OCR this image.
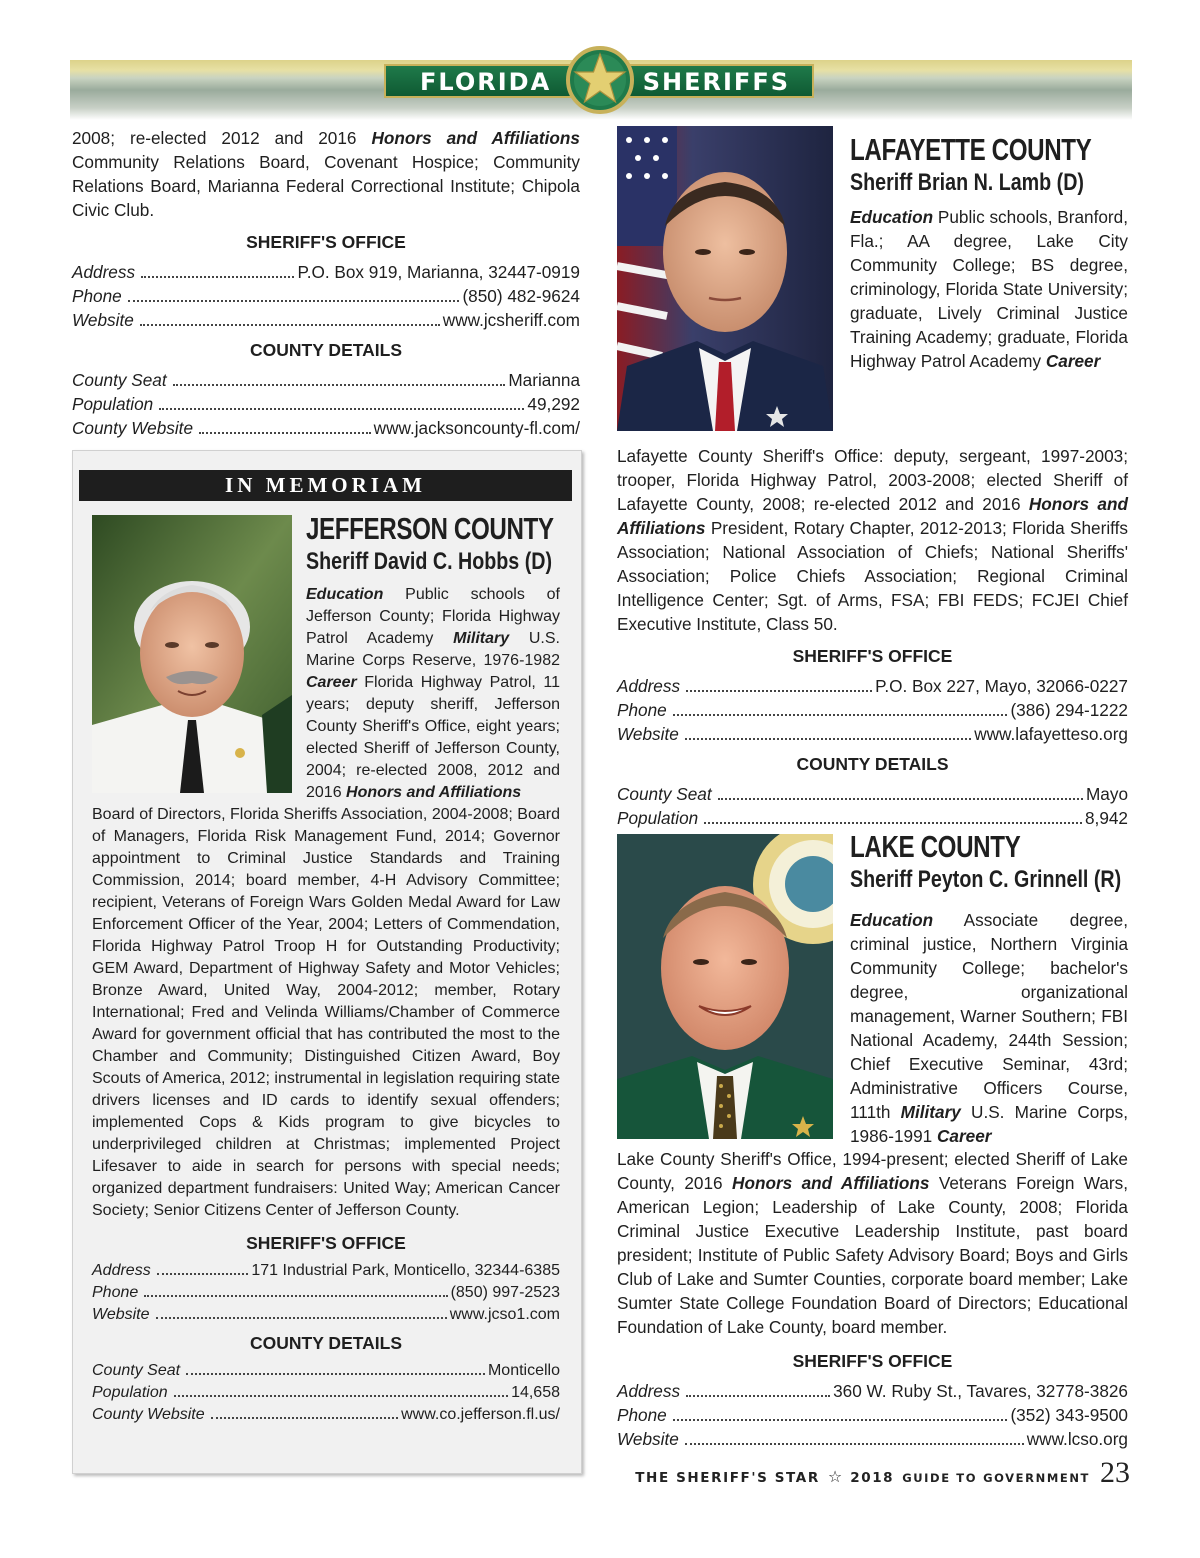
FLORIDA	SHERIFFS

2008; re-elected 2012 and 2016 Honors and Affiliations Community Relations Board, Covenant Hospice; Community Relations Board, Marianna Federal Correctional Institute; Chipola Civic Club.

SHERIFF'S OFFICE
Address	P.O. Box 919, Marianna, 32447-0919
Phone	(850) 482-9624
Website	www.jcsheriff.com
COUNTY DETAILS
County Seat	Marianna
Population	49,292
County Website	www.jacksoncounty-fl.com/
IN MEMORIAM
JEFFERSON COUNTY
Sheriff David C. Hobbs (D)

Education Public schools of Jefferson County; Florida Highway Patrol Academy Military U.S. Marine Corps Reserve, 1976-1982 Career Florida Highway Patrol, 11 years; deputy sheriff, Jefferson County Sheriff's Office, eight years; elected Sheriff of Jefferson County, 2004; re-elected 2008, 2012 and 2016 Honors and Affiliations

Board of Directors, Florida Sheriffs Association, 2004-2008; Board of Managers, Florida Risk Management Fund, 2014; Governor appointment to Criminal Justice Standards and Training Commission, 2014; board member, 4-H Advisory Committee; recipient, Veterans of Foreign Wars Golden Medal Award for Law Enforcement Officer of the Year, 2004; Letters of Commendation, Florida Highway Patrol Troop H for Outstanding Productivity; GEM Award, Department of Highway Safety and Motor Vehicles; Bronze Award, United Way, 2004-2012; member, Rotary International; Fred and Velinda Williams/Chamber of Commerce Award for government official that has contributed the most to the Chamber and Community; Distinguished Citizen Award, Boy Scouts of America, 2012; instrumental in legislation requiring state drivers licenses and ID cards to identify sexual offenders; implemented Cops & Kids program to give bicycles to underprivileged children at Christmas; implemented Project Lifesaver to aide in search for persons with special needs; organized department fundraisers: United Way; American Cancer Society; Senior Citizens Center of Jefferson County.

SHERIFF'S OFFICE
Address	171 Industrial Park, Monticello, 32344-6385
Phone	(850) 997-2523
Website	www.jcso1.com
COUNTY DETAILS
County Seat	Monticello
Population	14,658
County Website	www.co.jefferson.fl.us/
LAFAYETTE COUNTY
Sheriff Brian N. Lamb (D)

Education Public schools, Branford, Fla.; AA degree, Lake City Community College; BS degree, criminology, Florida State University; graduate, Lively Criminal Justice Training Academy; graduate, Florida Highway Patrol Academy Career

Lafayette County Sheriff's Office: deputy, sergeant, 1997-2003; trooper, Florida Highway Patrol, 2003-2008; elected Sheriff of Lafayette County, 2008; re-elected 2012 and 2016 Honors and Affiliations President, Rotary Chapter, 2012-2013; Florida Sheriffs Association; National Association of Chiefs; National Sheriffs' Association; Police Chiefs Association; Regional Criminal Intelligence Center; Sgt. of Arms, FSA; FBI FEDS; FCJEI Chief Executive Institute, Class 50.

SHERIFF'S OFFICE
Address	P.O. Box 227, Mayo, 32066-0227
Phone	(386) 294-1222
Website	www.lafayetteso.org
COUNTY DETAILS
County Seat	Mayo
Population	8,942
LAKE COUNTY
Sheriff Peyton C. Grinnell (R)

Education Associate degree, criminal justice, Northern Virginia Community College; bachelor's degree, organizational management, Warner Southern; FBI National Academy, 244th Session; Chief Executive Seminar, 43rd; Administrative Officers Course, 111th Military U.S. Marine Corps, 1986-1991 Career

Lake County Sheriff's Office, 1994-present; elected Sheriff of Lake County, 2016 Honors and Affiliations Veterans Foreign Wars, American Legion; Leadership of Lake County, 2008; Florida Criminal Justice Executive Leadership Institute, past board president; Institute of Public Safety Advisory Board; Boys and Girls Club of Lake and Sumter Counties, corporate board member; Lake Sumter State College Foundation Board of Directors; Educational Foundation of Lake County, board member.

SHERIFF'S OFFICE
Address	360 W. Ruby St., Tavares, 32778-3826
Phone	(352) 343-9500
Website	www.lcso.org
THE SHERIFF'S STAR ☆ 2018 GUIDE TO GOVERNMENT 23
